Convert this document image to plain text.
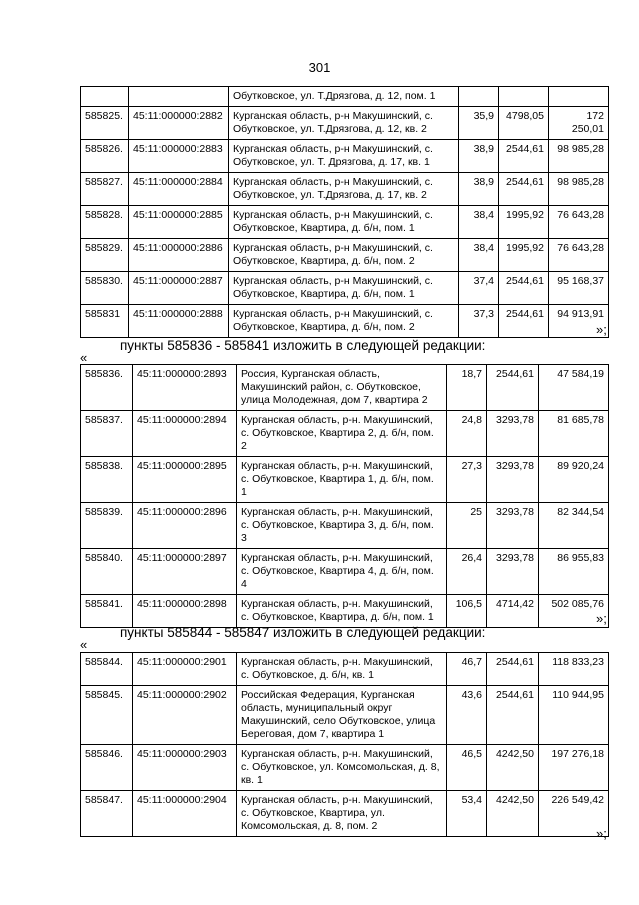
301
		Обутковское, ул. Т.Дрязгова, д. 12, пом. 1			
585825.	45:11:000000:2882	Курганская область, р-н Макушинский, с. Обутковское, ул. Т.Дрязгова, д. 12, кв. 2	35,9	4798,05	172 250,01
585826.	45:11:000000:2883	Курганская область, р-н Макушинский, с. Обутковское, ул. Т. Дрязгова, д. 17, кв. 1	38,9	2544,61	98 985,28
585827.	45:11:000000:2884	Курганская область, р-н Макушинский, с. Обутковское, ул. Т.Дрязгова, д. 17, кв. 2	38,9	2544,61	98 985,28
585828.	45:11:000000:2885	Курганская область, р-н Макушинский, с. Обутковское, Квартира, д. б/н, пом. 1	38,4	1995,92	76 643,28
585829.	45:11:000000:2886	Курганская область, р-н Макушинский, с. Обутковское, Квартира, д. б/н, пом. 2	38,4	1995,92	76 643,28
585830.	45:11:000000:2887	Курганская область, р-н Макушинский, с. Обутковское, Квартира, д. б/н, пом. 1	37,4	2544,61	95 168,37
585831	45:11:000000:2888	Курганская область, р-н Макушинский, с. Обутковское, Квартира, д. б/н, пом. 2	37,3	2544,61	94 913,91
»;
пункты 585836 - 585841 изложить в следующей редакции:
«
585836.	45:11:000000:2893	Россия, Курганская область, Макушинский район, с. Обутковское, улица Молодежная, дом 7, квартира 2	18,7	2544,61	47 584,19
585837.	45:11:000000:2894	Курганская область, р-н. Макушинский, с. Обутковское, Квартира 2, д. б/н, пом. 2	24,8	3293,78	81 685,78
585838.	45:11:000000:2895	Курганская область, р-н. Макушинский, с. Обутковское, Квартира 1, д. б/н, пом. 1	27,3	3293,78	89 920,24
585839.	45:11:000000:2896	Курганская область, р-н. Макушинский, с. Обутковское, Квартира 3, д. б/н, пом. 3	25	3293,78	82 344,54
585840.	45:11:000000:2897	Курганская область, р-н. Макушинский, с. Обутковское, Квартира 4, д. б/н, пом. 4	26,4	3293,78	86 955,83
585841.	45:11:000000:2898	Курганская область, р-н. Макушинский, с. Обутковское, Квартира, д. б/н, пом. 1	106,5	4714,42	502 085,76
»;
пункты 585844 - 585847 изложить в следующей редакции:
«
585844.	45:11:000000:2901	Курганская область, р-н. Макушинский, с. Обутковское, д. б/н, кв. 1	46,7	2544,61	118 833,23
585845.	45:11:000000:2902	Российская Федерация, Курганская область, муниципальный округ Макушинский, село Обутковское, улица Береговая, дом 7, квартира 1	43,6	2544,61	110 944,95
585846.	45:11:000000:2903	Курганская область, р-н. Макушинский, с. Обутковское, ул. Комсомольская, д. 8, кв. 1	46,5	4242,50	197 276,18
585847.	45:11:000000:2904	Курганская область, р-н. Макушинский, с. Обутковское, Квартира, ул. Комсомольская, д. 8, пом. 2	53,4	4242,50	226 549,42
»;
